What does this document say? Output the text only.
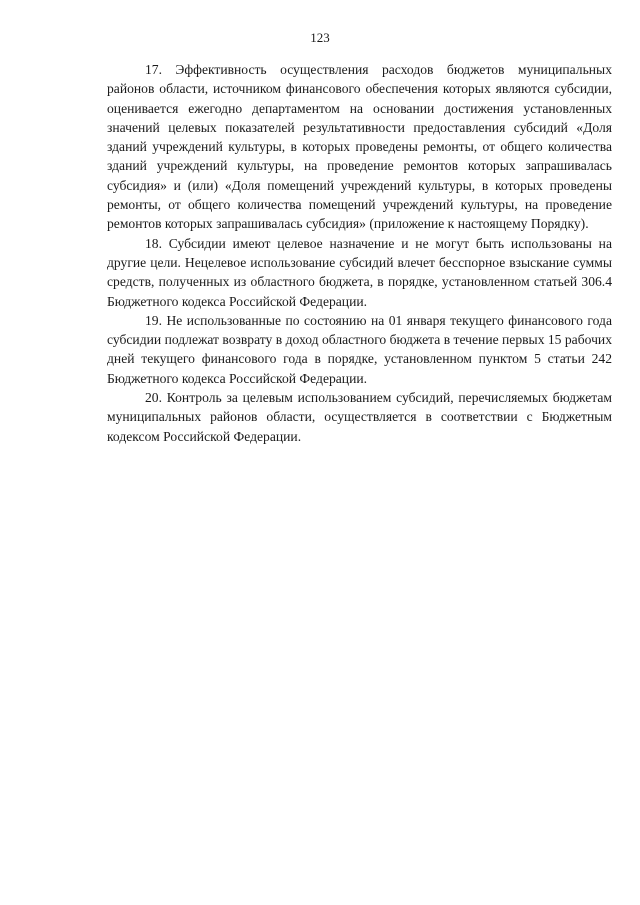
123

17. Эффективность осуществления расходов бюджетов муниципальных районов области, источником финансового обеспечения которых являются субсидии, оценивается ежегодно департаментом на основании достижения установленных значений целевых показателей результативности предоставления субсидий «Доля зданий учреждений культуры, в которых проведены ремонты, от общего количества зданий учреждений культуры, на проведение ремонтов которых запрашивалась субсидия» и (или) «Доля помещений учреждений культуры, в которых проведены ремонты, от общего количества помещений учреждений культуры, на проведение ремонтов которых запрашивалась субсидия» (приложение к настоящему Порядку).

18. Субсидии имеют целевое назначение и не могут быть использованы на другие цели. Нецелевое использование субсидий влечет бесспорное взыскание суммы средств, полученных из областного бюджета, в порядке, установленном статьей 306.4 Бюджетного кодекса Российской Федерации.

19. Не использованные по состоянию на 01 января текущего финансового года субсидии подлежат возврату в доход областного бюджета в течение первых 15 рабочих дней текущего финансового года в порядке, установленном пунктом 5 статьи 242 Бюджетного кодекса Российской Федерации.

20. Контроль за целевым использованием субсидий, перечисляемых бюджетам муниципальных районов области, осуществляется в соответствии с Бюджетным кодексом Российской Федерации.
